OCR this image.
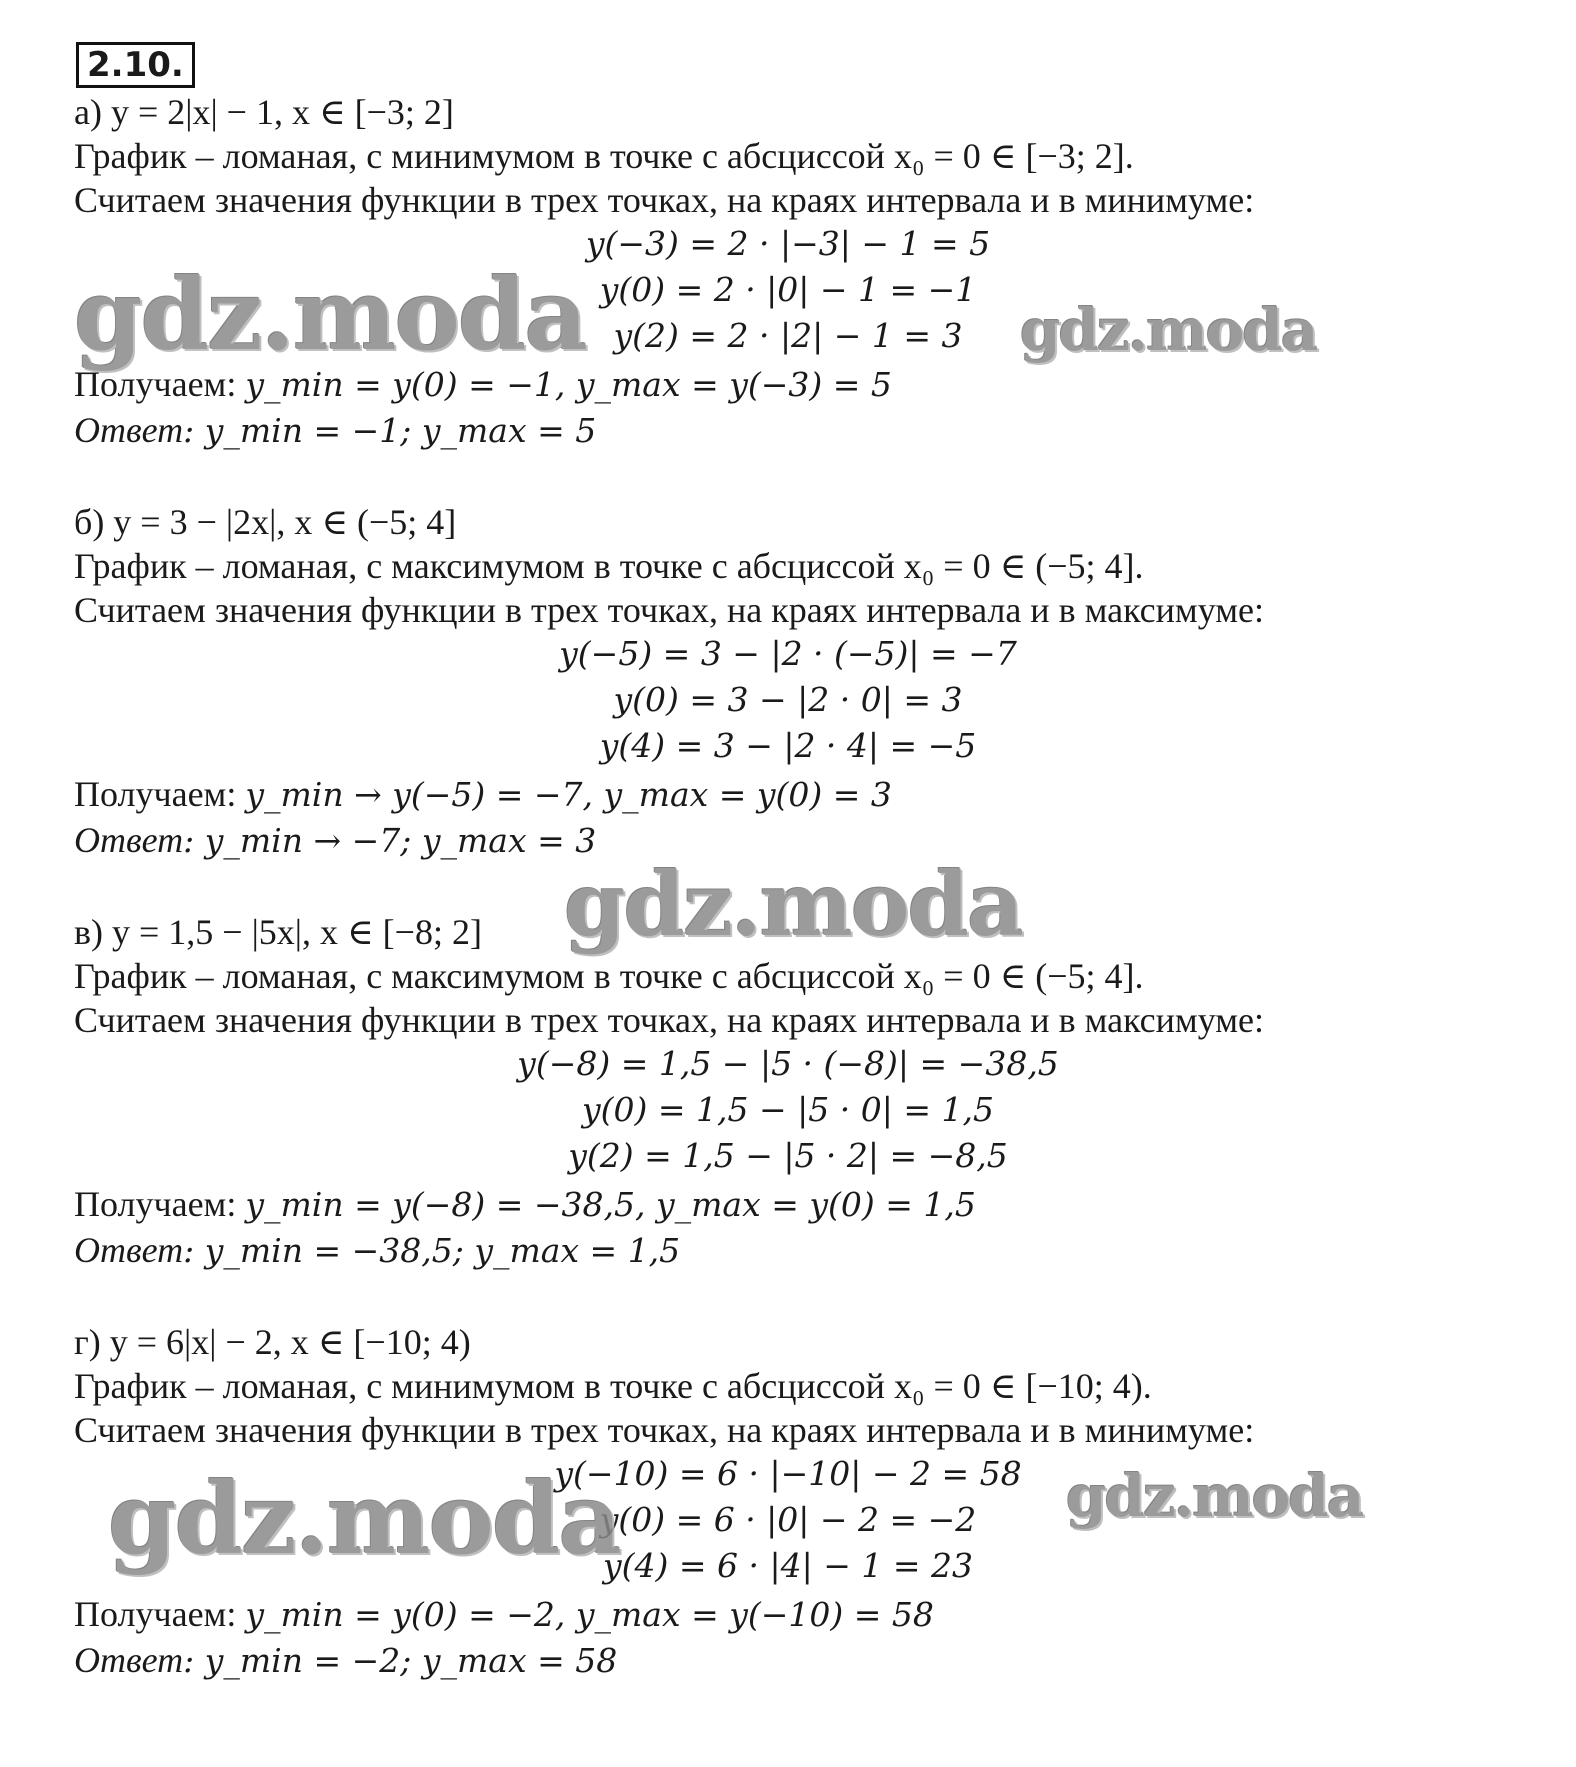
2.10.
а) y = 2|x| − 1, x ∈ [−3; 2]
График – ломаная, с минимумом в точке с абсциссой x₀ = 0 ∈ [−3; 2].
Считаем значения функции в трех точках, на краях интервала и в минимуме:
y(−3) = 2 · |−3| − 1 = 5
y(0) = 2 · |0| − 1 = −1
y(2) = 2 · |2| − 1 = 3
Получаем: y_min = y(0) = −1, y_max = y(−3) = 5
Ответ: y_min = −1; y_max = 5
б) y = 3 − |2x|, x ∈ (−5; 4]
График – ломаная, с максимумом в точке с абсциссой x₀ = 0 ∈ (−5; 4].
Считаем значения функции в трех точках, на краях интервала и в максимуме:
y(−5) = 3 − |2 · (−5)| = −7
y(0) = 3 − |2 · 0| = 3
y(4) = 3 − |2 · 4| = −5
Получаем: y_min → y(−5) = −7, y_max = y(0) = 3
Ответ: y_min → −7; y_max = 3
в) y = 1,5 − |5x|, x ∈ [−8; 2]
График – ломаная, с максимумом в точке с абсциссой x₀ = 0 ∈ (−5; 4].
Считаем значения функции в трех точках, на краях интервала и в максимуме:
y(−8) = 1,5 − |5 · (−8)| = −38,5
y(0) = 1,5 − |5 · 0| = 1,5
y(2) = 1,5 − |5 · 2| = −8,5
Получаем: y_min = y(−8) = −38,5, y_max = y(0) = 1,5
Ответ: y_min = −38,5; y_max = 1,5
г) y = 6|x| − 2, x ∈ [−10; 4)
График – ломаная, с минимумом в точке с абсциссой x₀ = 0 ∈ [−10; 4).
Считаем значения функции в трех точках, на краях интервала и в минимуме:
y(−10) = 6 · |−10| − 2 = 58
y(0) = 6 · |0| − 2 = −2
y(4) = 6 · |4| − 1 = 23
Получаем: y_min = y(0) = −2, y_max = y(−10) = 58
Ответ: y_min = −2; y_max = 58
gdz.moda	gdz.moda
gdz.moda
gdz.moda	gdz.moda
